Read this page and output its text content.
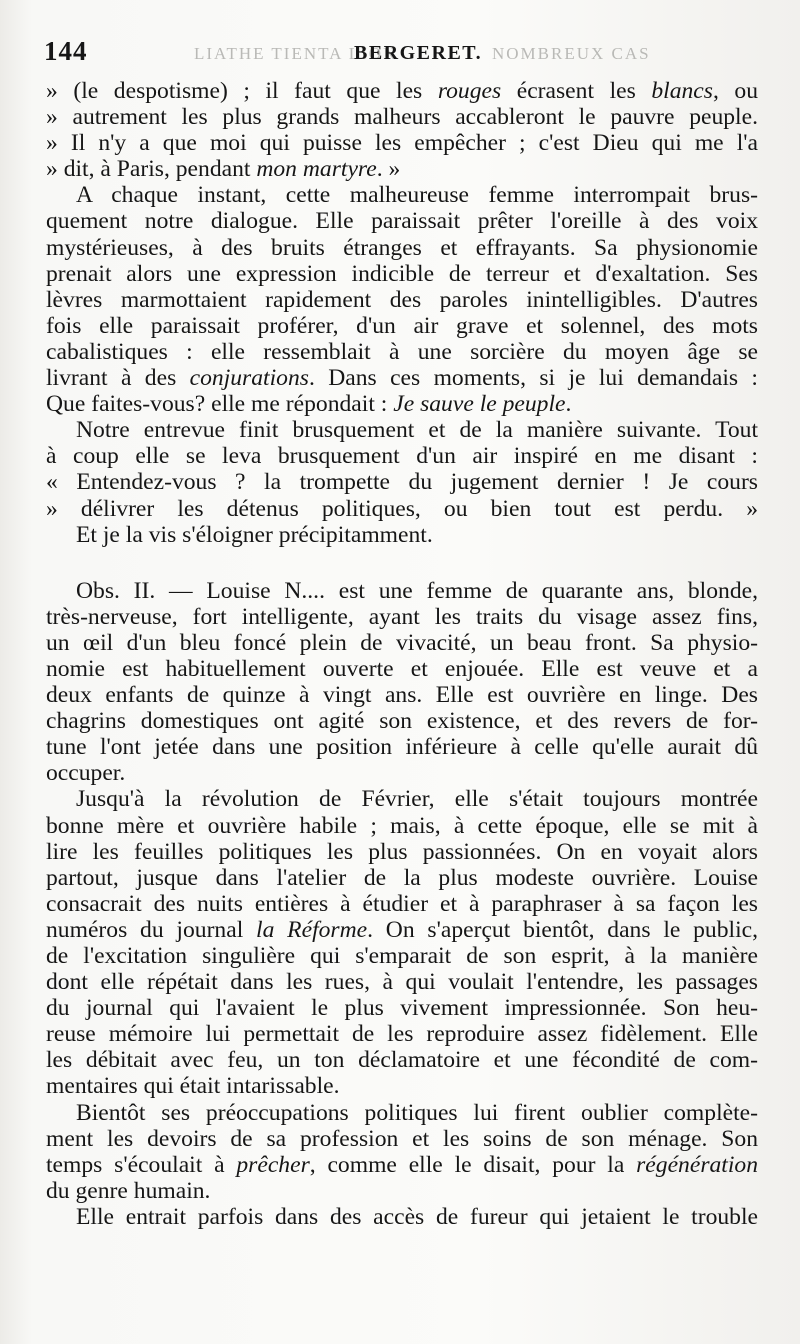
144	LIATHE TIENTA LION
BERGERET. NOMBREUX CAS
» (le despotisme) ; il faut que les rouges écrasent les blancs, ou
» autrement les plus grands malheurs accableront le pauvre peuple.
» Il n'y a que moi qui puisse les empêcher ; c'est Dieu qui me l'a
» dit, à Paris, pendant mon martyre. »
A chaque instant, cette malheureuse femme interrompait brus-
quement notre dialogue. Elle paraissait prêter l'oreille à des voix
mystérieuses, à des bruits étranges et effrayants. Sa physionomie
prenait alors une expression indicible de terreur et d'exaltation. Ses
lèvres marmottaient rapidement des paroles inintelligibles. D'autres
fois elle paraissait proférer, d'un air grave et solennel, des mots
cabalistiques : elle ressemblait à une sorcière du moyen âge se
livrant à des conjurations. Dans ces moments, si je lui demandais :
Que faites-vous? elle me répondait : Je sauve le peuple.
Notre entrevue finit brusquement et de la manière suivante. Tout
à coup elle se leva brusquement d'un air inspiré en me disant :
« Entendez-vous ? la trompette du jugement dernier ! Je cours
» délivrer les détenus politiques, ou bien tout est perdu. »
Et je la vis s'éloigner précipitamment.
Obs. II. — Louise N.... est une femme de quarante ans, blonde,
très-nerveuse, fort intelligente, ayant les traits du visage assez fins,
un œil d'un bleu foncé plein de vivacité, un beau front. Sa physio-
nomie est habituellement ouverte et enjouée. Elle est veuve et a
deux enfants de quinze à vingt ans. Elle est ouvrière en linge. Des
chagrins domestiques ont agité son existence, et des revers de for-
tune l'ont jetée dans une position inférieure à celle qu'elle aurait dû
occuper.
Jusqu'à la révolution de Février, elle s'était toujours montrée
bonne mère et ouvrière habile ; mais, à cette époque, elle se mit à
lire les feuilles politiques les plus passionnées. On en voyait alors
partout, jusque dans l'atelier de la plus modeste ouvrière. Louise
consacrait des nuits entières à étudier et à paraphraser à sa façon les
numéros du journal la Réforme. On s'aperçut bientôt, dans le public,
de l'excitation singulière qui s'emparait de son esprit, à la manière
dont elle répétait dans les rues, à qui voulait l'entendre, les passages
du journal qui l'avaient le plus vivement impressionnée. Son heu-
reuse mémoire lui permettait de les reproduire assez fidèlement. Elle
les débitait avec feu, un ton déclamatoire et une fécondité de com-
mentaires qui était intarissable.
Bientôt ses préoccupations politiques lui firent oublier complète-
ment les devoirs de sa profession et les soins de son ménage. Son
temps s'écoulait à prêcher, comme elle le disait, pour la régénération
du genre humain.
Elle entrait parfois dans des accès de fureur qui jetaient le trouble
